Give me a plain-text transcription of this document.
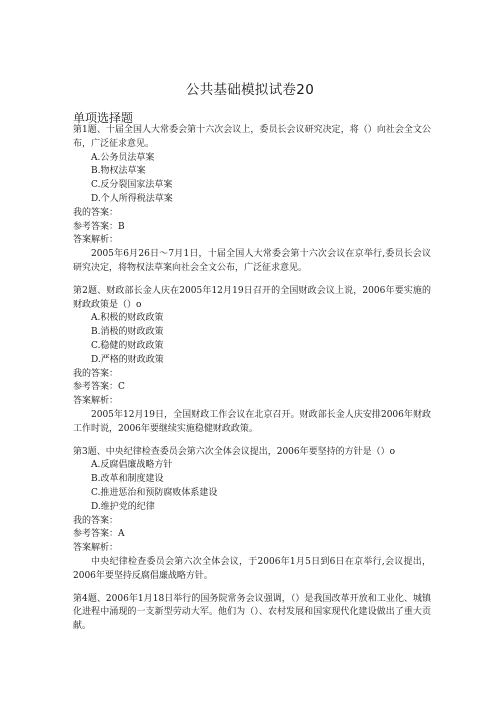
公共基础模拟试卷20
单项选择题

第1题、十届全国人大常委会第十六次会议上，委员长会议研究决定，将（）向社会全文公布，广泛征求意见。

A.公务员法草案

B.物权法草案

C.反分裂国家法草案

D.个人所得税法草案

我的答案：

参考答案：B

答案解析：

2005年6月26日～7月1日，十届全国人大常委会第十六次会议在京举行,委员长会议研究决定，将物权法草案向社会全文公布，广泛征求意见。

第2题、财政部长金人庆在2005年12月19日召开的全国财政会议上说，2006年要实施的财政政策是（）o

A.积极的财政政策

B.消极的财政政策

C.稳健的财政政策

D.严格的财政政策

我的答案：

参考答案：C

答案解析：

2005年12月19日，全国财政工作会议在北京召开。财政部长金人庆安排2006年财政工作时说，2006年要继续实施稳健财政政策。

第3题、中央纪律检查委员会第六次全体会议提出，2006年要坚持的方针是（）o

A.反腐倡廉战略方针

B.改革和制度建设

C.推进惩治和预防腐败体系建设

D.维护党的纪律

我的答案：

参考答案：A

答案解析：

中央纪律检查委员会第六次全体会议，于2006年1月5日到6日在京举行,会议提出，2006年要坚持反腐倡廉战略方针。

第4题、2006年1月18日举行的国务院常务会议强调，（）是我国改革开放和工业化、城镇化进程中涌现的一支新型劳动大军。他们为（）、农村发展和国家现代化建设做出了重大贡献。
